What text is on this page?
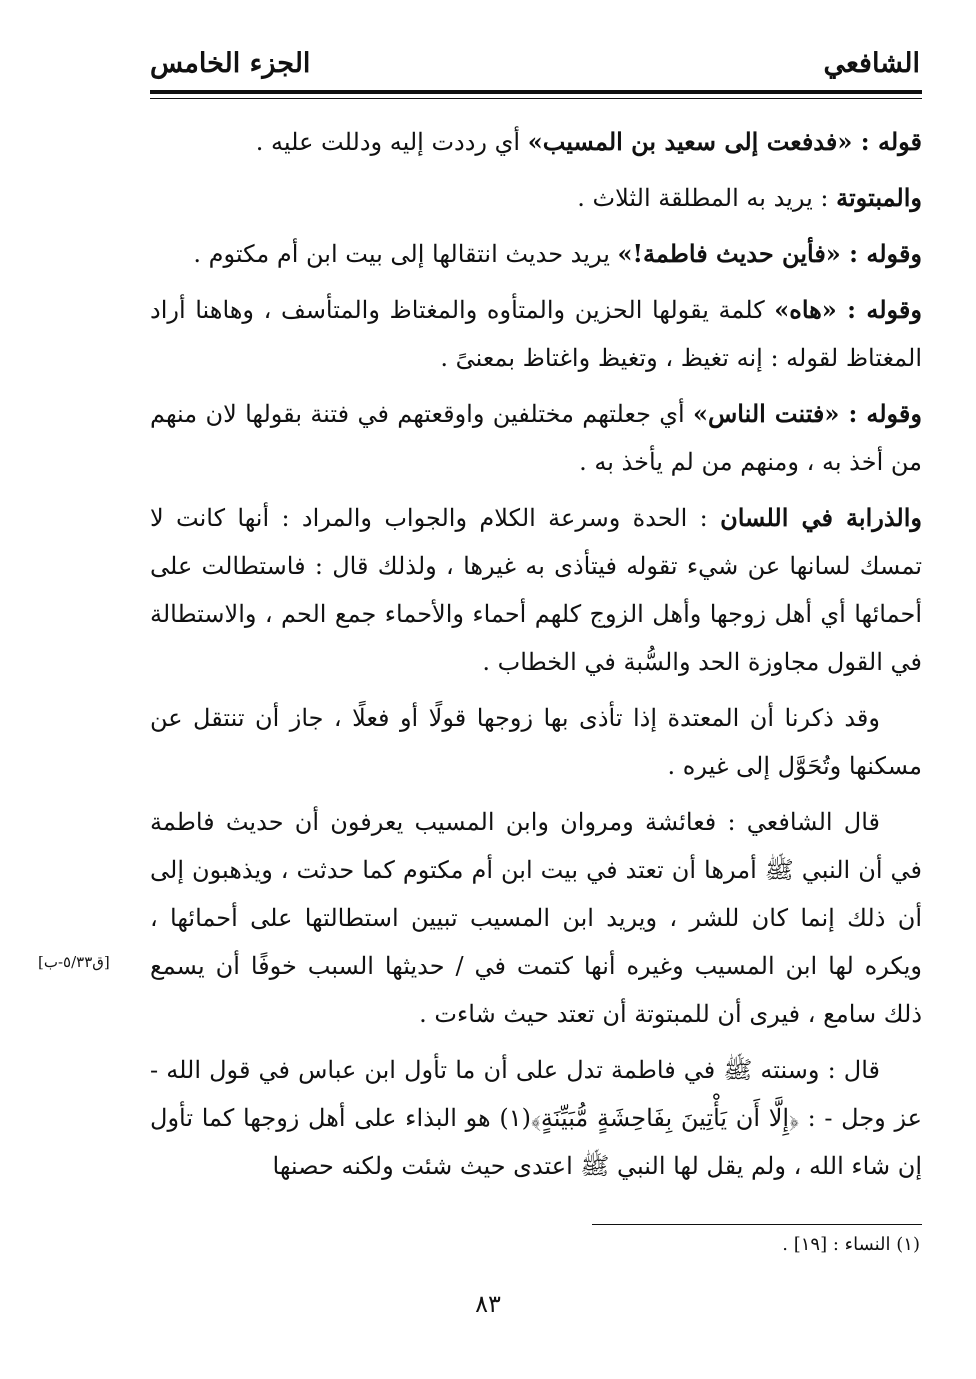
الشافعي
الجزء الخامس

قوله : «فدفعت إلى سعيد بن المسيب» أي رددت إليه ودللت عليه .

والمبتوتة : يريد به المطلقة الثلاث .

وقوله : «فأين حديث فاطمة!» يريد حديث انتقالها إلى بيت ابن أم مكتوم .

وقوله : «هاه» كلمة يقولها الحزين والمتأوه والمغتاظ والمتأسف ، وهاهنا أراد المغتاظ لقوله : إنه تغيظ ، وتغيظ واغتاظ بمعنىً .

وقوله : «فتنت الناس» أي جعلتهم مختلفين واوقعتهم في فتنة بقولها لان منهم من أخذ به ، ومنهم من لم يأخذ به .

والذرابة في اللسان : الحدة وسرعة الكلام والجواب والمراد : أنها كانت لا تمسك لسانها عن شيء تقوله فيتأذى به غيرها ، ولذلك قال : فاستطالت على أحمائها أي أهل زوجها وأهل الزوج كلهم أحماء والأحماء جمع الحم ، والاستطالة في القول مجاوزة الحد والسُّبة في الخطاب .

وقد ذكرنا أن المعتدة إذا تأذى بها زوجها قولًا أو فعلًا ، جاز أن تنتقل عن مسكنها وتُحَوَّل إلى غيره .

قال الشافعي : فعائشة ومروان وابن المسيب يعرفون أن حديث فاطمة في أن النبي ﷺ أمرها أن تعتد في بيت ابن أم مكتوم كما حدثت ، ويذهبون إلى أن ذلك إنما كان للشر ، ويريد ابن المسيب تبيين استطالتها على أحمائها ، ويكره لها ابن المسيب وغيره أنها كتمت في / حديثها السبب خوفًا أن يسمع ذلك سامع ، فيرى أن للمبتوتة أن تعتد حيث شاءت .

قال : وسنته ﷺ في فاطمة تدل على أن ما تأول ابن عباس في قول الله - عز وجل - : ﴿إِلَّا أَن يَأْتِينَ بِفَاحِشَةٍ مُّبَيِّنَةٍ﴾(١) هو البذاء على أهل زوجها كما تأول إن شاء الله ، ولم يقل لها النبي ﷺ اعتدى حيث شئت ولكنه حصنها

[ق٥/٣٣-ب]
(١) النساء : [١٩] .
٨٣
